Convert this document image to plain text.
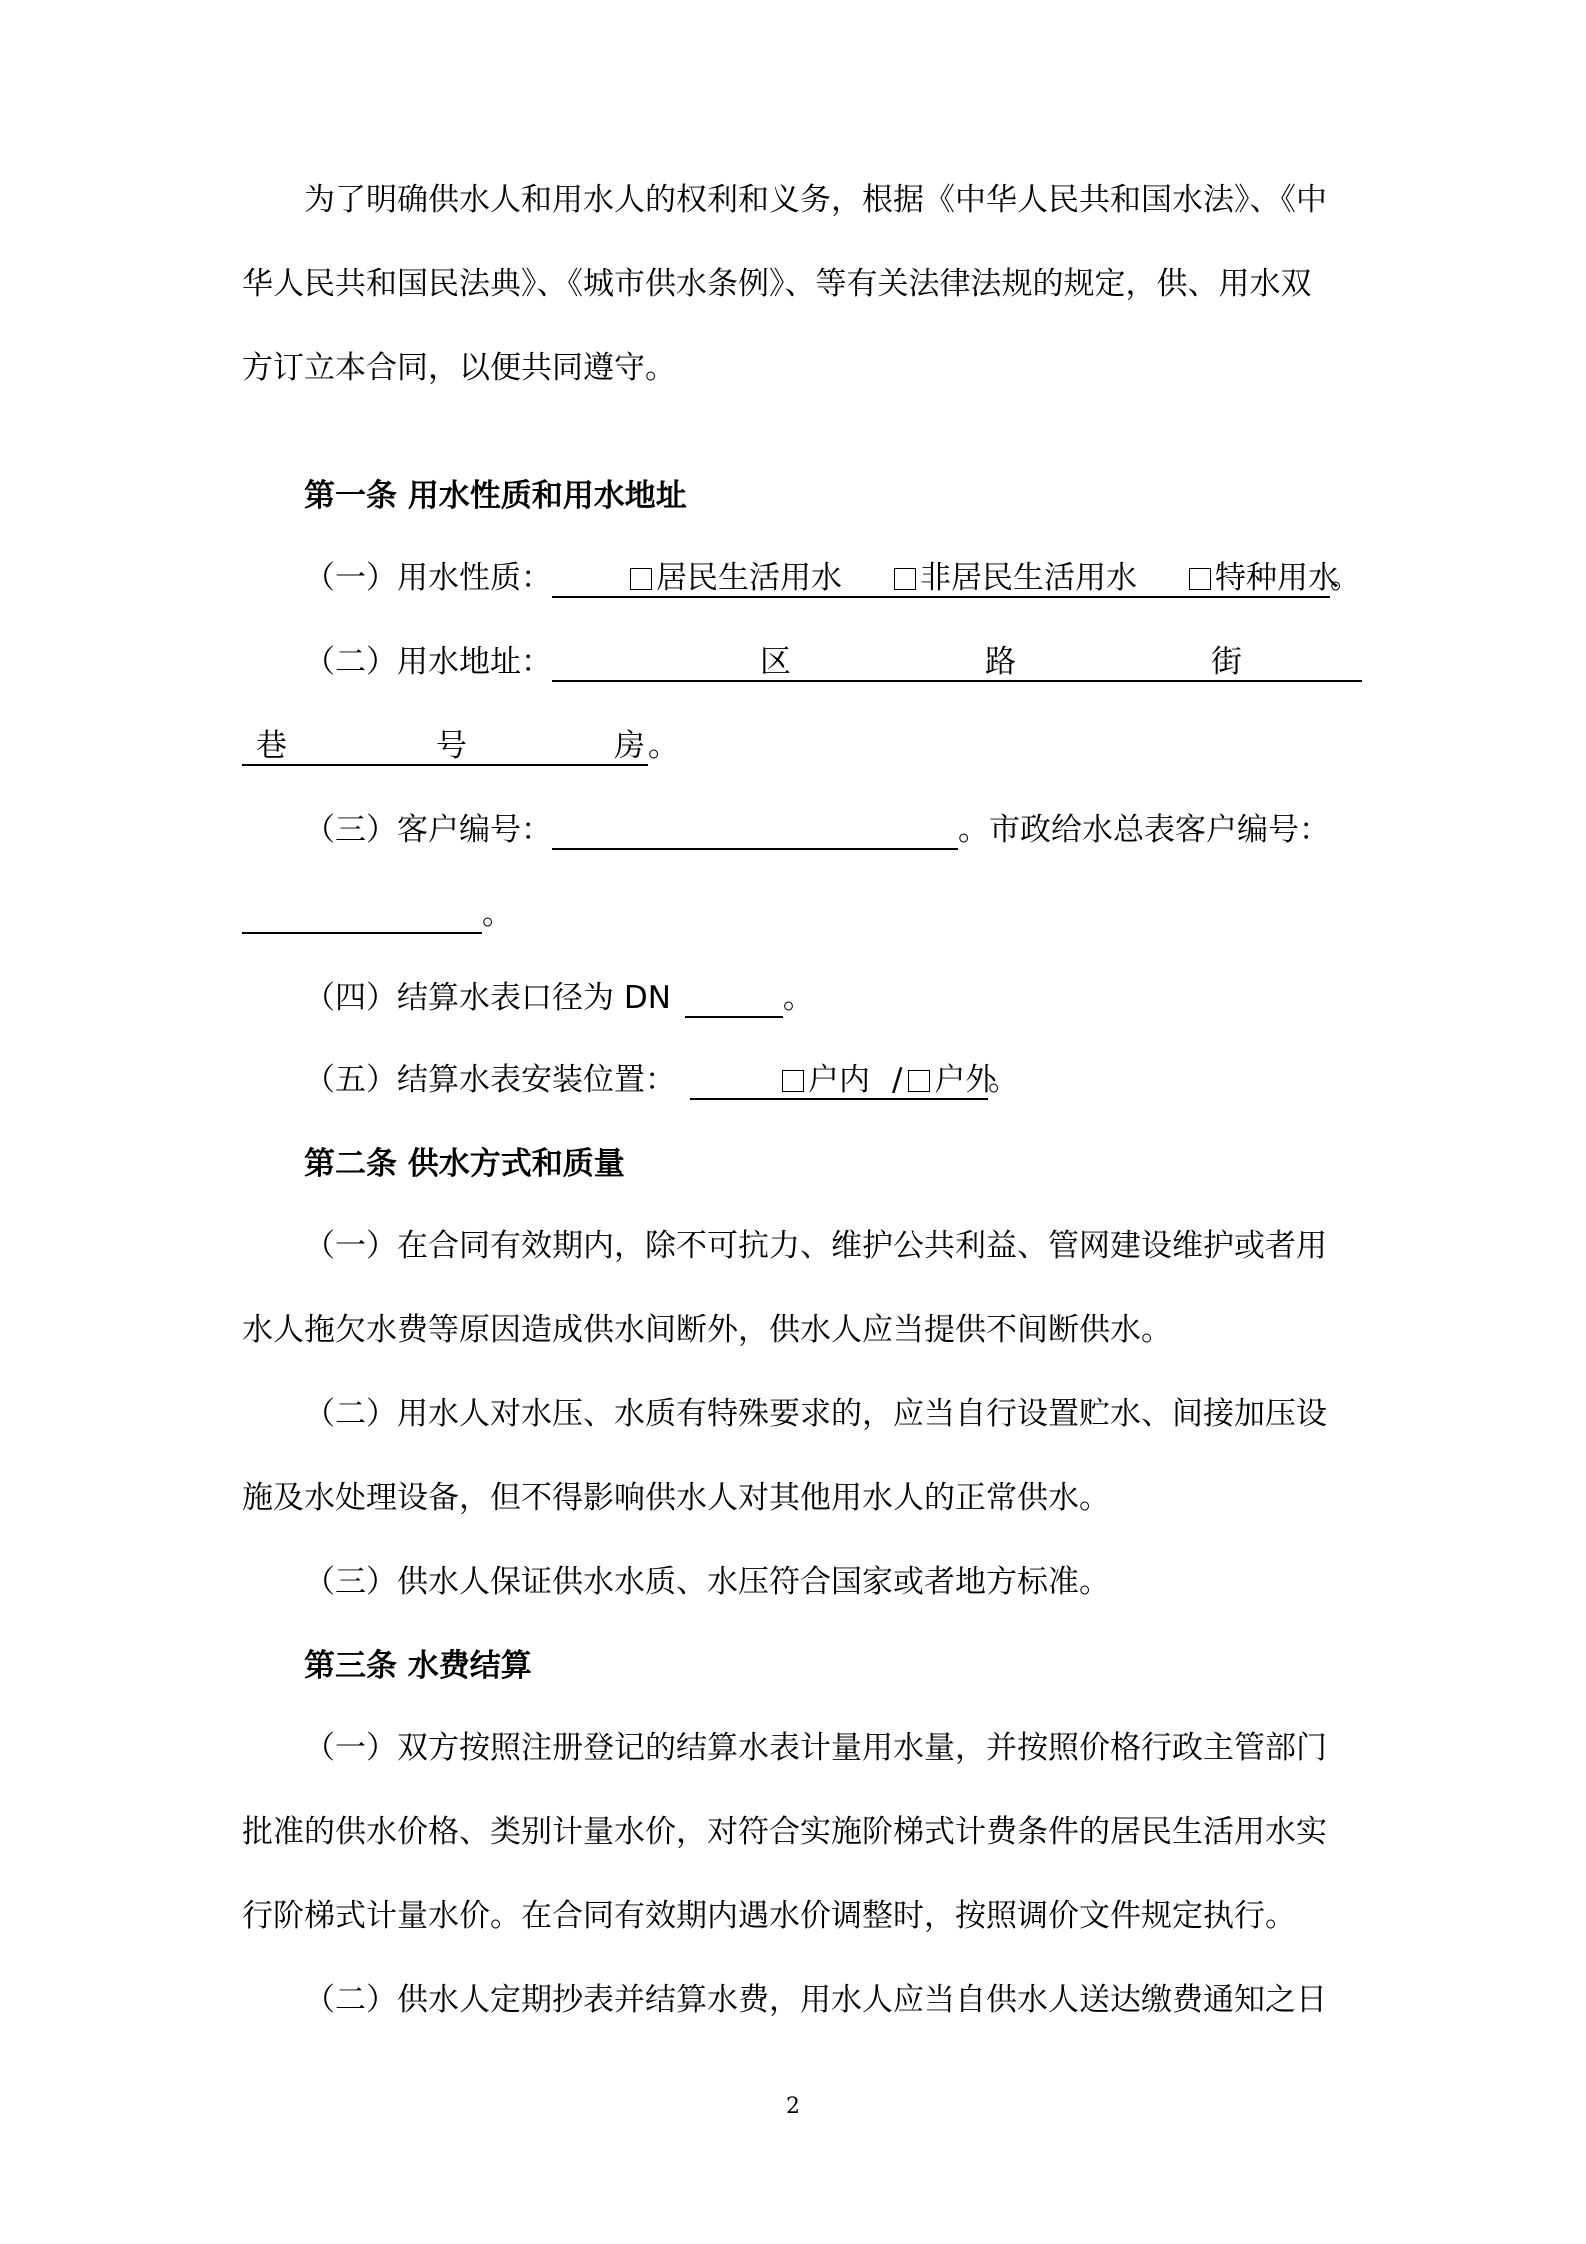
为了明确供水人和用水人的权利和义务，根据《中华人民共和国水法》、《中
华人民共和国民法典》、《城市供水条例》、等有关法律法规的规定，供、用水双
方订立本合同，以便共同遵守。
第一条 用水性质和用水地址
（一）用水性质：	居民生活用水	非居民生活用水	特种用水。
（二）用水地址：	区	路	街
巷	号	房 。
（三）客户编号：	。市政给水总表客户编号：
。
（四）结算水表口径为 DN	。
（五）结算水表安装位置：	户内 / 户外。
第二条 供水方式和质量
（一）在合同有效期内，除不可抗力、维护公共利益、管网建设维护或者用
水人拖欠水费等原因造成供水间断外，供水人应当提供不间断供水。
（二）用水人对水压、水质有特殊要求的，应当自行设置贮水、间接加压设
施及水处理设备，但不得影响供水人对其他用水人的正常供水。
（三）供水人保证供水水质、水压符合国家或者地方标准。
第三条 水费结算
（一）双方按照注册登记的结算水表计量用水量，并按照价格行政主管部门
批准的供水价格、类别计量水价，对符合实施阶梯式计费条件的居民生活用水实
行阶梯式计量水价。在合同有效期内遇水价调整时，按照调价文件规定执行。
（二）供水人定期抄表并结算水费，用水人应当自供水人送达缴费通知之日
2
